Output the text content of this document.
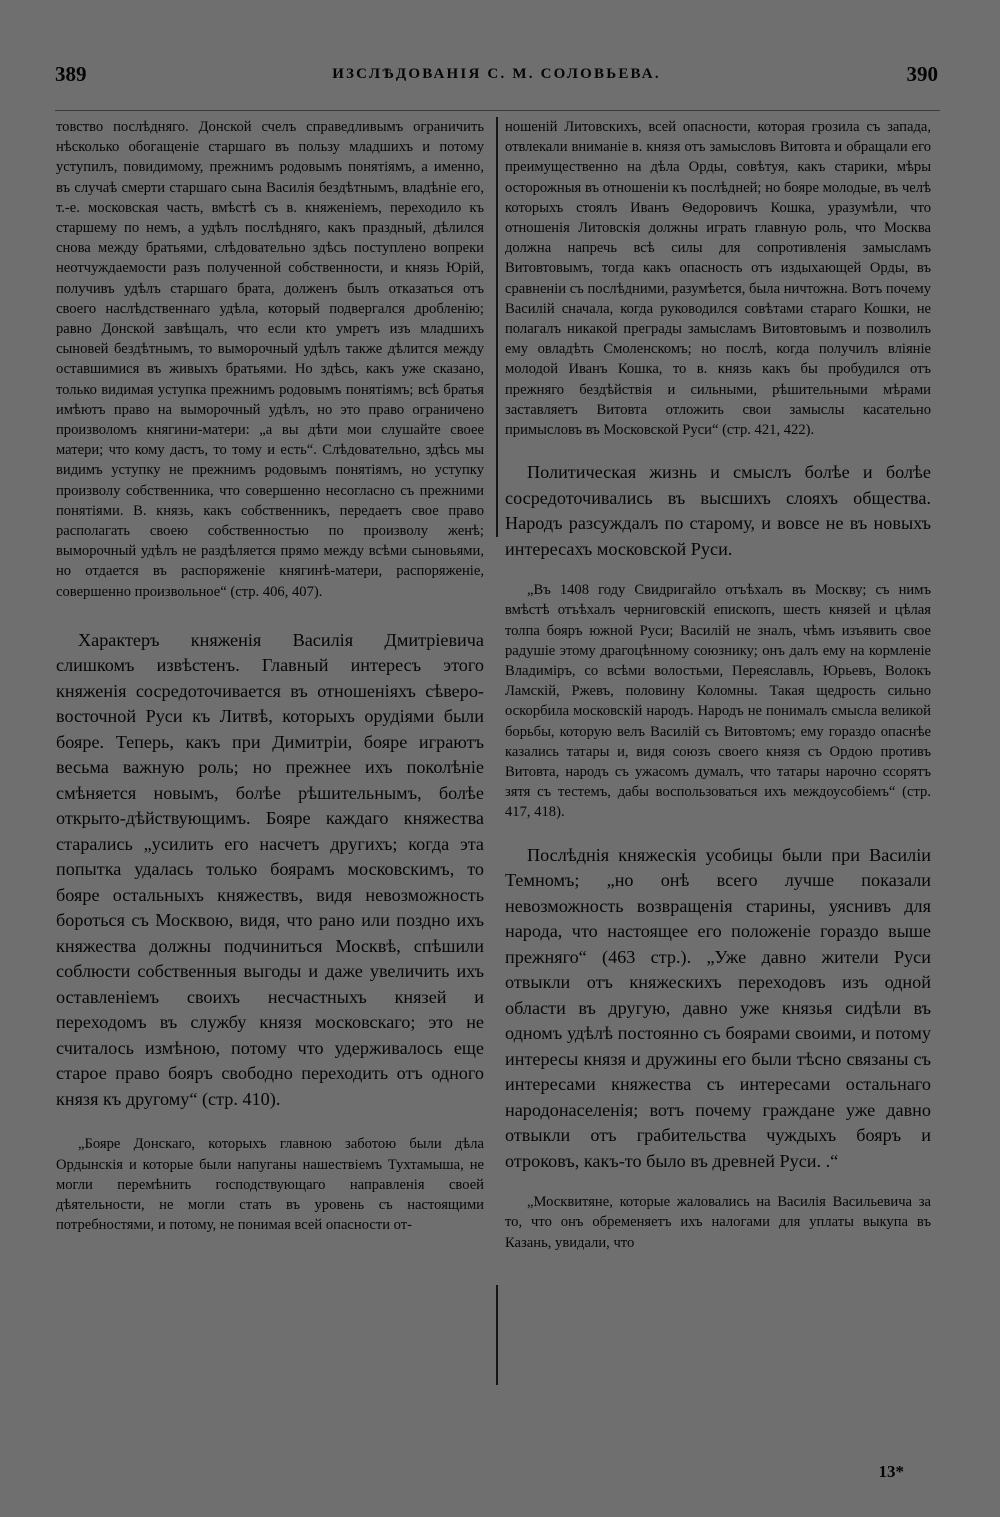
389	ИЗСЛѢДОВАНІЯ С. М. СОЛОВЬЕВА.	390

товство послѣдняго. Донской счелъ справедливымъ ограничить нѣсколько обогащеніе старшаго въ пользу младшихъ и потому уступилъ, повидимому, прежнимъ родовымъ понятіямъ, а именно, въ случаѣ смерти старшаго сына Василія бездѣтнымъ, владѣніе его, т.-е. московская часть, вмѣстѣ съ в. княженіемъ, переходило къ старшему по немъ, а удѣлъ послѣдняго, какъ праздный, дѣлился снова между братьями, слѣдовательно здѣсь поступлено вопреки неотчуждаемости разъ полученной собственности, и князь Юрій, получивъ удѣлъ старшаго брата, долженъ былъ отказаться отъ своего наслѣдственнаго удѣла, который подвергался дробленію; равно Донской завѣщалъ, что если кто умретъ изъ младшихъ сыновей бездѣтнымъ, то выморочный удѣлъ также дѣлится между оставшимися въ живыхъ братьями. Но здѣсь, какъ уже сказано, только видимая уступка прежнимъ родовымъ понятіямъ; всѣ братья имѣютъ право на выморочный удѣлъ, но это право ограничено произволомъ княгини-матери: „а вы дѣти мои слушайте своее матери; что кому дастъ, то тому и есть“. Слѣдовательно, здѣсь мы видимъ уступку не прежнимъ родовымъ понятіямъ, но уступку произволу собственника, что совершенно несогласно съ прежними понятіями. В. князь, какъ собственникъ, передаетъ свое право располагать своею собственностью по произволу женѣ; выморочный удѣлъ не раздѣляется прямо между всѣми сыновьями, но отдается въ распоряженіе княгинѣ-матери, распоряженіе, совершенно произвольное“ (стр. 406, 407).

Характеръ княженія Василія Дмитріевича слишкомъ извѣстенъ. Главный интересъ этого княженія сосредоточивается въ отношеніяхъ сѣверо-восточной Руси къ Литвѣ, которыхъ орудіями были бояре. Теперь, какъ при Димитріи, бояре играютъ весьма важную роль; но прежнее ихъ поколѣніе смѣняется новымъ, болѣе рѣшительнымъ, болѣе открыто-дѣйствующимъ. Бояре каждаго княжества старались „усилить его насчетъ другихъ; когда эта попытка удалась только боярамъ московскимъ, то бояре остальныхъ княжествъ, видя невозможность бороться съ Москвою, видя, что рано или поздно ихъ княжества должны подчиниться Москвѣ, спѣшили соблюсти собственныя выгоды и даже увеличить ихъ оставленіемъ своихъ несчастныхъ князей и переходомъ въ службу князя московскаго; это не считалось измѣною, потому что удерживалось еще старое право бояръ свободно переходить отъ одного князя къ другому“ (стр. 410).

„Бояре Донскаго, которыхъ главною заботою были дѣла Ордынскія и которые были напуганы нашествіемъ Тухтамыша, не могли перемѣнить господствующаго направленія своей дѣятельности, не могли стать въ уровень съ настоящими потребностями, и потому, не понимая всей опасности от-

ношеній Литовскихъ, всей опасности, которая грозила съ запада, отвлекали вниманіе в. князя отъ замысловъ Витовта и обращали его преимущественно на дѣла Орды, совѣтуя, какъ старики, мѣры осторожныя въ отношеніи къ послѣдней; но бояре молодые, въ челѣ которыхъ стоялъ Иванъ Ѳедоровичъ Кошка, уразумѣли, что отношенія Литовскія должны играть главную роль, что Москва должна напречь всѣ силы для сопротивленія замысламъ Витовтовымъ, тогда какъ опасность отъ издыхающей Орды, въ сравненіи съ послѣдними, разумѣется, была ничтожна. Вотъ почему Василій сначала, когда руководился совѣтами стараго Кошки, не полагалъ никакой преграды замысламъ Витовтовымъ и позволилъ ему овладѣть Смоленскомъ; но послѣ, когда получилъ вліяніе молодой Иванъ Кошка, то в. князь какъ бы пробудился отъ прежняго бездѣйствія и сильными, рѣшительными мѣрами заставляетъ Витовта отложить свои замыслы касательно примысловъ въ Московской Руси“ (стр. 421, 422).

Политическая жизнь и смыслъ болѣе и болѣе сосредоточивались въ высшихъ слояхъ общества. Народъ разсуждалъ по старому, и вовсе не въ новыхъ интересахъ московской Руси.

„Въ 1408 году Свидригайло отъѣхалъ въ Москву; съ нимъ вмѣстѣ отъѣхалъ черниговскій епископъ, шесть князей и цѣлая толпа бояръ южной Руси; Василій не зналъ, чѣмъ изъявить свое радушіе этому драгоцѣнному союзнику; онъ далъ ему на кормленіе Владиміръ, со всѣми волостьми, Переяславль, Юрьевъ, Волокъ Ламскій, Ржевъ, половину Коломны. Такая щедрость сильно оскорбила московскій народъ. Народъ не понималъ смысла великой борьбы, которую велъ Василій съ Витовтомъ; ему гораздо опаснѣе казались татары и, видя союзъ своего князя съ Ордою противъ Витовта, народъ съ ужасомъ думалъ, что татары нарочно ссорятъ зятя съ тестемъ, дабы воспользоваться ихъ междоусобіемъ“ (стр. 417, 418).

Послѣднія княжескія усобицы были при Василіи Темномъ; „но онѣ всего лучше показали невозможность возвращенія старины, уяснивъ для народа, что настоящее его положеніе гораздо выше прежняго“ (463 стр.). „Уже давно жители Руси отвыкли отъ княжескихъ переходовъ изъ одной области въ другую, давно уже князья сидѣли въ одномъ удѣлѣ постоянно съ боярами своими, и потому интересы князя и дружины его были тѣсно связаны съ интересами княжества съ интересами остальнаго народонаселенія; вотъ почему граждане уже давно отвыкли отъ грабительства чуждыхъ бояръ и отроковъ, какъ-то было въ древней Руси. .“

„Москвитяне, которые жаловались на Василія Васильевича за то, что онъ обременяетъ ихъ налогами для уплаты выкупа въ Казань, увидали, что

13*
